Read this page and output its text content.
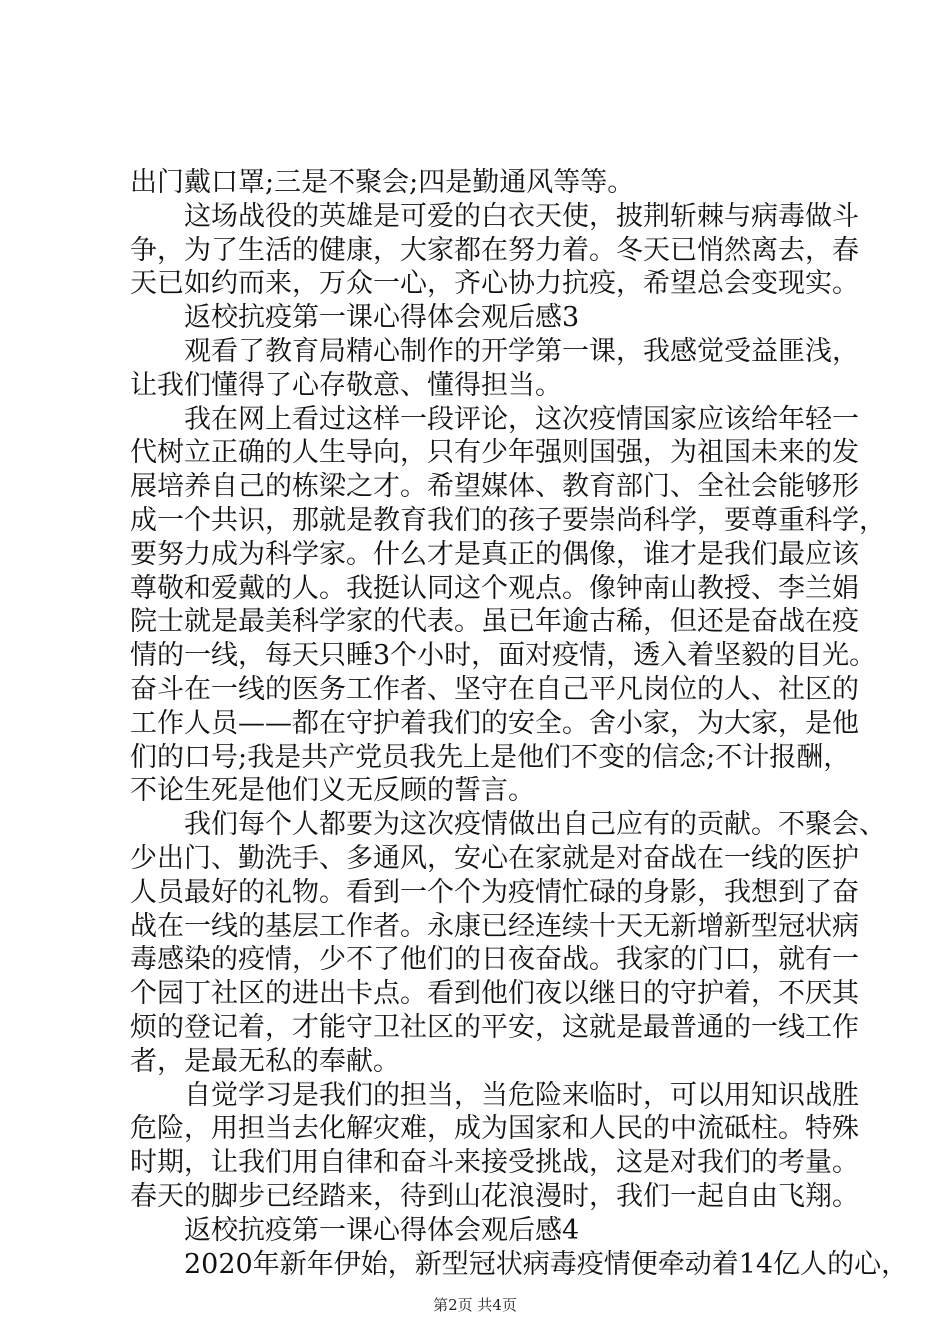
出门戴口罩;三是不聚会;四是勤通风等等。
这场战役的英雄是可爱的白衣天使，披荆斩棘与病毒做斗
争，为了生活的健康，大家都在努力着。冬天已悄然离去，春
天已如约而来，万众一心，齐心协力抗疫，希望总会变现实。
返校抗疫第一课心得体会观后感3
观看了教育局精心制作的开学第一课，我感觉受益匪浅，
让我们懂得了心存敬意、懂得担当。
我在网上看过这样一段评论，这次疫情国家应该给年轻一
代树立正确的人生导向，只有少年强则国强，为祖国未来的发
展培养自己的栋梁之才。希望媒体、教育部门、全社会能够形
成一个共识，那就是教育我们的孩子要崇尚科学，要尊重科学，
要努力成为科学家。什么才是真正的偶像，谁才是我们最应该
尊敬和爱戴的人。我挺认同这个观点。像钟南山教授、李兰娟
院士就是最美科学家的代表。虽已年逾古稀，但还是奋战在疫
情的一线，每天只睡3个小时，面对疫情，透入着坚毅的目光。
奋斗在一线的医务工作者、坚守在自己平凡岗位的人、社区的
工作人员——都在守护着我们的安全。舍小家，为大家，是他
们的口号;我是共产党员我先上是他们不变的信念;不计报酬，
不论生死是他们义无反顾的誓言。
我们每个人都要为这次疫情做出自己应有的贡献。不聚会、
少出门、勤洗手、多通风，安心在家就是对奋战在一线的医护
人员最好的礼物。看到一个个为疫情忙碌的身影，我想到了奋
战在一线的基层工作者。永康已经连续十天无新增新型冠状病
毒感染的疫情，少不了他们的日夜奋战。我家的门口，就有一
个园丁社区的进出卡点。看到他们夜以继日的守护着，不厌其
烦的登记着，才能守卫社区的平安，这就是最普通的一线工作
者，是最无私的奉献。
自觉学习是我们的担当，当危险来临时，可以用知识战胜
危险，用担当去化解灾难，成为国家和人民的中流砥柱。特殊
时期，让我们用自律和奋斗来接受挑战，这是对我们的考量。
春天的脚步已经踏来，待到山花浪漫时，我们一起自由飞翔。
返校抗疫第一课心得体会观后感4
2020年新年伊始，新型冠状病毒疫情便牵动着14亿人的心，
第2页 共4页
